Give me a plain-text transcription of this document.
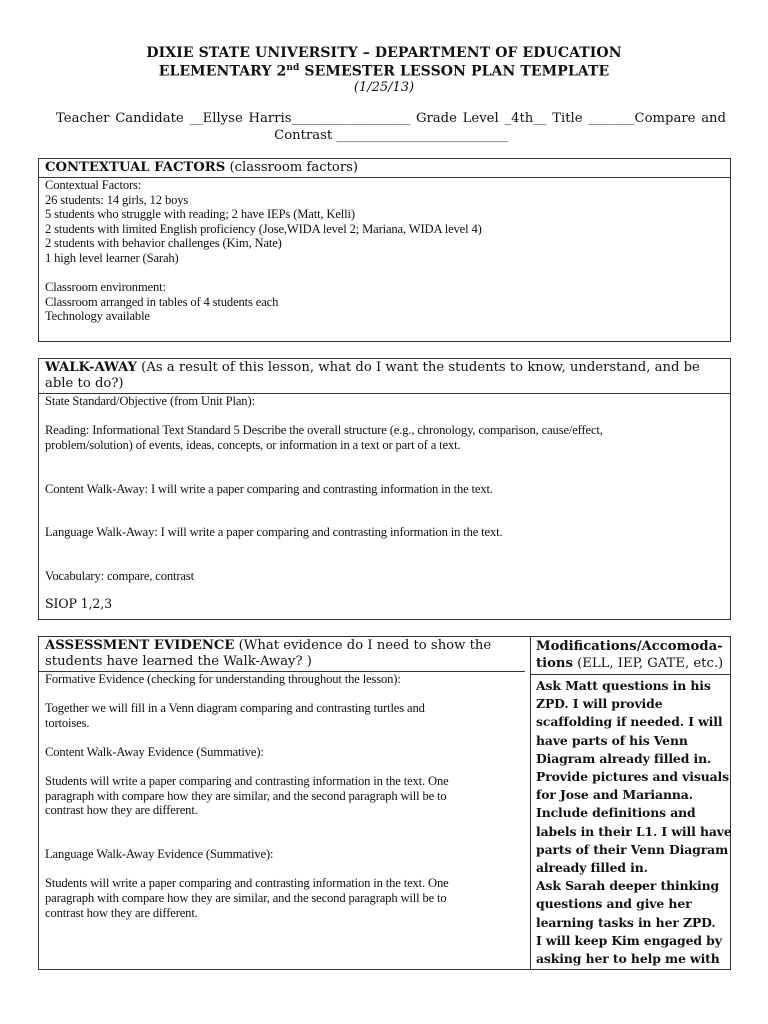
DIXIE STATE UNIVERSITY – DEPARTMENT OF EDUCATION
ELEMENTARY 2nd SEMESTER LESSON PLAN TEMPLATE
(1/25/13)
Teacher Candidate __Ellyse Harris__________________ Grade Level _4th__ Title _______Compare and Contrast __________________________
CONTEXTUAL FACTORS (classroom factors)
Contextual Factors:
26 students: 14 girls, 12 boys
5 students who struggle with reading; 2 have IEPs (Matt, Kelli)
2 students with limited English proficiency (Jose,WIDA level 2; Mariana, WIDA level 4)
2 students with behavior challenges (Kim, Nate)
1 high level learner (Sarah)
Classroom environment:
Classroom arranged in tables of 4 students each
Technology available
WALK-AWAY (As a result of this lesson, what do I want the students to know, understand, and be able to do?)
State Standard/Objective (from Unit Plan):
Reading: Informational Text Standard 5 Describe the overall structure (e.g., chronology, comparison, cause/effect,
problem/solution) of events, ideas, concepts, or information in a text or part of a text.
Content Walk-Away: I will write a paper comparing and contrasting information in the text.
Language Walk-Away: I will write a paper comparing and contrasting information in the text.
Vocabulary: compare, contrast
SIOP 1,2,3
ASSESSMENT EVIDENCE (What evidence do I need to show the students have learned the Walk-Away? )
Formative Evidence (checking for understanding throughout the lesson):
Together we will fill in a Venn diagram comparing and contrasting turtles and
tortoises.
Content Walk-Away Evidence (Summative):
Students will write a paper comparing and contrasting information in the text. One
paragraph with compare how they are similar, and the second paragraph will be to
contrast how they are different.
Language Walk-Away Evidence (Summative):
Students will write a paper comparing and contrasting information in the text. One
paragraph with compare how they are similar, and the second paragraph will be to
contrast how they are different.
Modifications/Accomoda-
tions (ELL, IEP, GATE, etc.)
Ask Matt questions in his
ZPD. I will provide
scaffolding if needed. I will
have parts of his Venn
Diagram already filled in.
Provide pictures and visuals
for Jose and Marianna.
Include definitions and
labels in their L1. I will have
parts of their Venn Diagram
already filled in.
Ask Sarah deeper thinking
questions and give her
learning tasks in her ZPD.
I will keep Kim engaged by
asking her to help me with
